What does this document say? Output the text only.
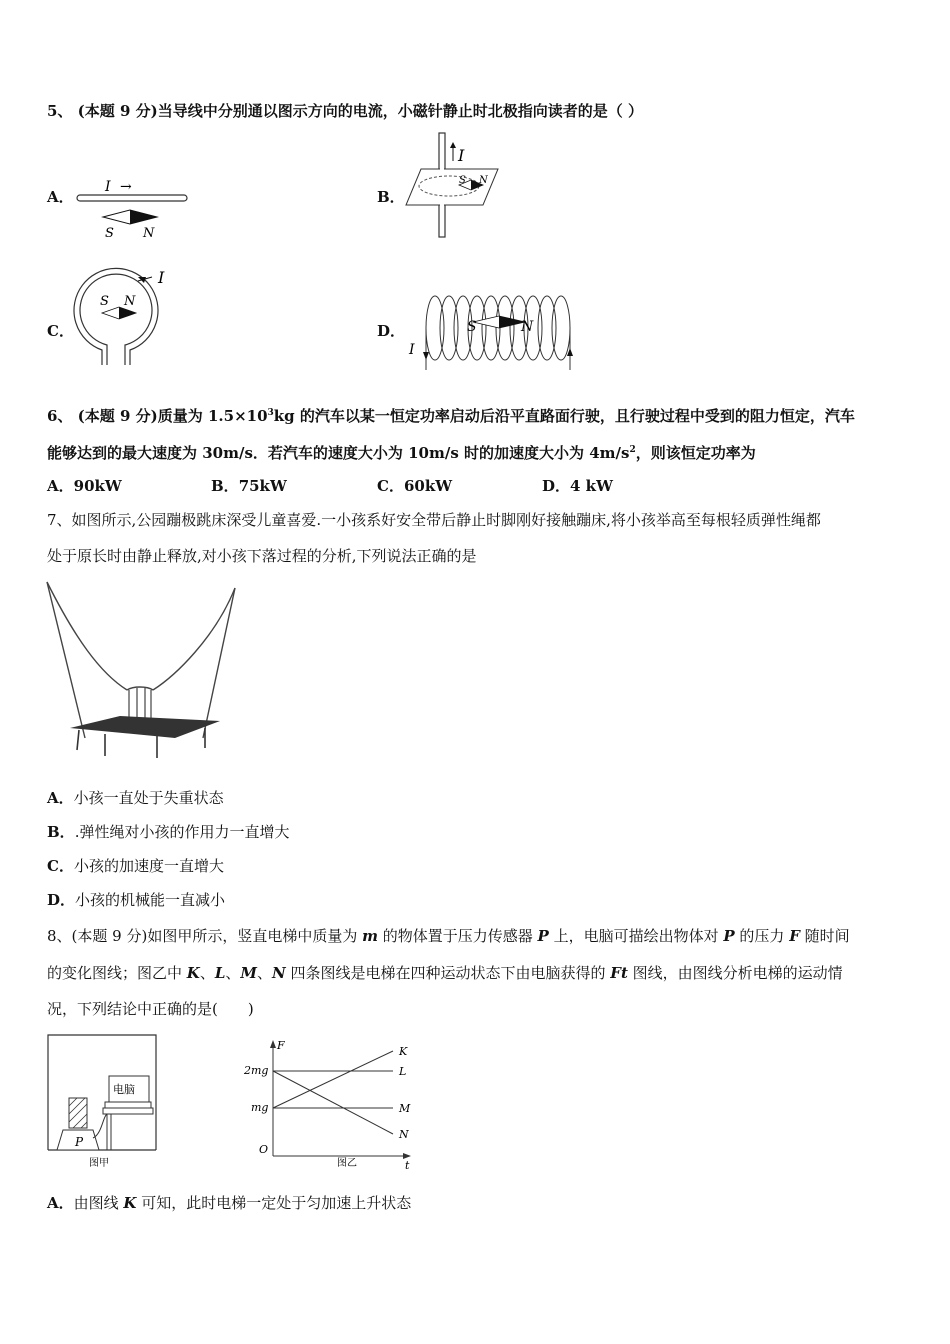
5、 (本题 9 分)当导线中分别通以图示方向的电流，小磁针静止时北极指向读者的是（ ）
A．
I →
S N
B．
I
S N
C．
I
S N
D．
I
S	N
6、 (本题 9 分)质量为 $1.5\times 10^3kg$ 的汽车以某一恒定功率启动后沿平直路面行驶，且行驶过程中受到的阻力恒定，汽车
能够达到的最大速度为 30m/s．若汽车的速度大小为 10m/s 时的加速度大小为 $4m/s^2$，则该恒定功率为
A．90kW	B．75kW	C．60kW	D．4 kW
7、如图所示,公园蹦极跳床深受儿童喜爱.一小孩系好安全带后静止时脚刚好接触蹦床,将小孩举高至每根轻质弹性绳都
处于原长时由静止释放,对小孩下落过程的分析,下列说法正确的是
A．小孩一直处于失重状态
B．.弹性绳对小孩的作用力一直增大
C．小孩的加速度一直增大
D．小孩的机械能一直减小
8、(本题 9 分)如图甲所示，竖直电梯中质量为 m 的物体置于压力传感器 P 上，电脑可描绘出物体对 P 的压力 F 随时间
的变化图线；图乙中 K、L、M、N 四条图线是电梯在四种运动状态下由电脑获得的 Ft 图线，由图线分析电梯的运动情
况，下列结论中正确的是(　　)
电脑
P
图甲
F
t
O
2mg
mg
K
L
M
N
图乙
A．由图线 K 可知，此时电梯一定处于匀加速上升状态
